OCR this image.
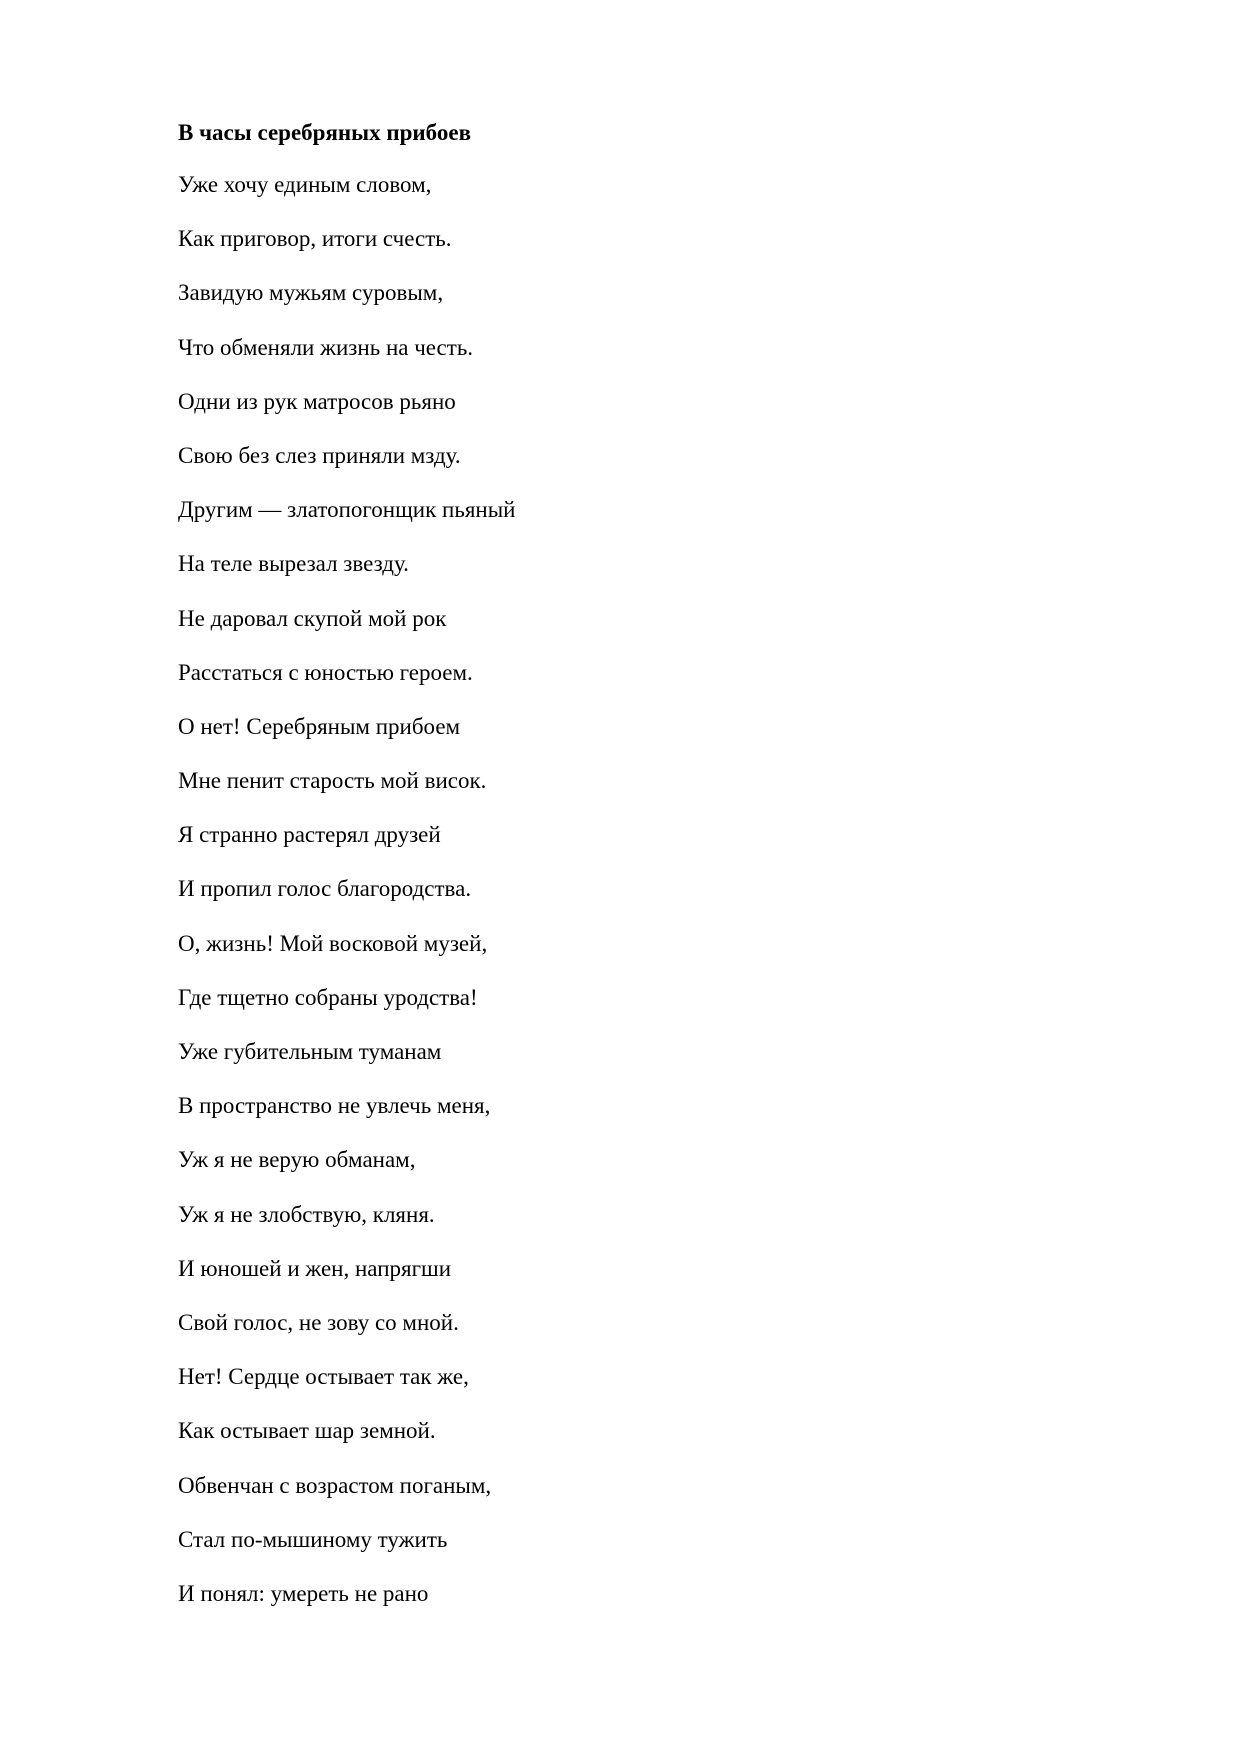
В часы серебряных прибоев
Уже хочу единым словом,
Как приговор, итоги счесть.
Завидую мужьям суровым,
Что обменяли жизнь на честь.
Одни из рук матросов рьяно
Свою без слез приняли мзду.
Другим — златопогонщик пьяный
На теле вырезал звезду.
Не даровал скупой мой рок
Расстаться с юностью героем.
О нет! Серебряным прибоем
Мне пенит старость мой висок.
Я странно растерял друзей
И пропил голос благородства.
О, жизнь! Мой восковой музей,
Где тщетно собраны уродства!
Уже губительным туманам
В пространство не увлечь меня,
Уж я не верую обманам,
Уж я не злобствую, кляня.
И юношей и жен, напрягши
Свой голос, не зову со мной.
Нет! Сердце остывает так же,
Как остывает шар земной.
Обвенчан с возрастом поганым,
Стал по-мышиному тужить
И понял: умереть не рано
